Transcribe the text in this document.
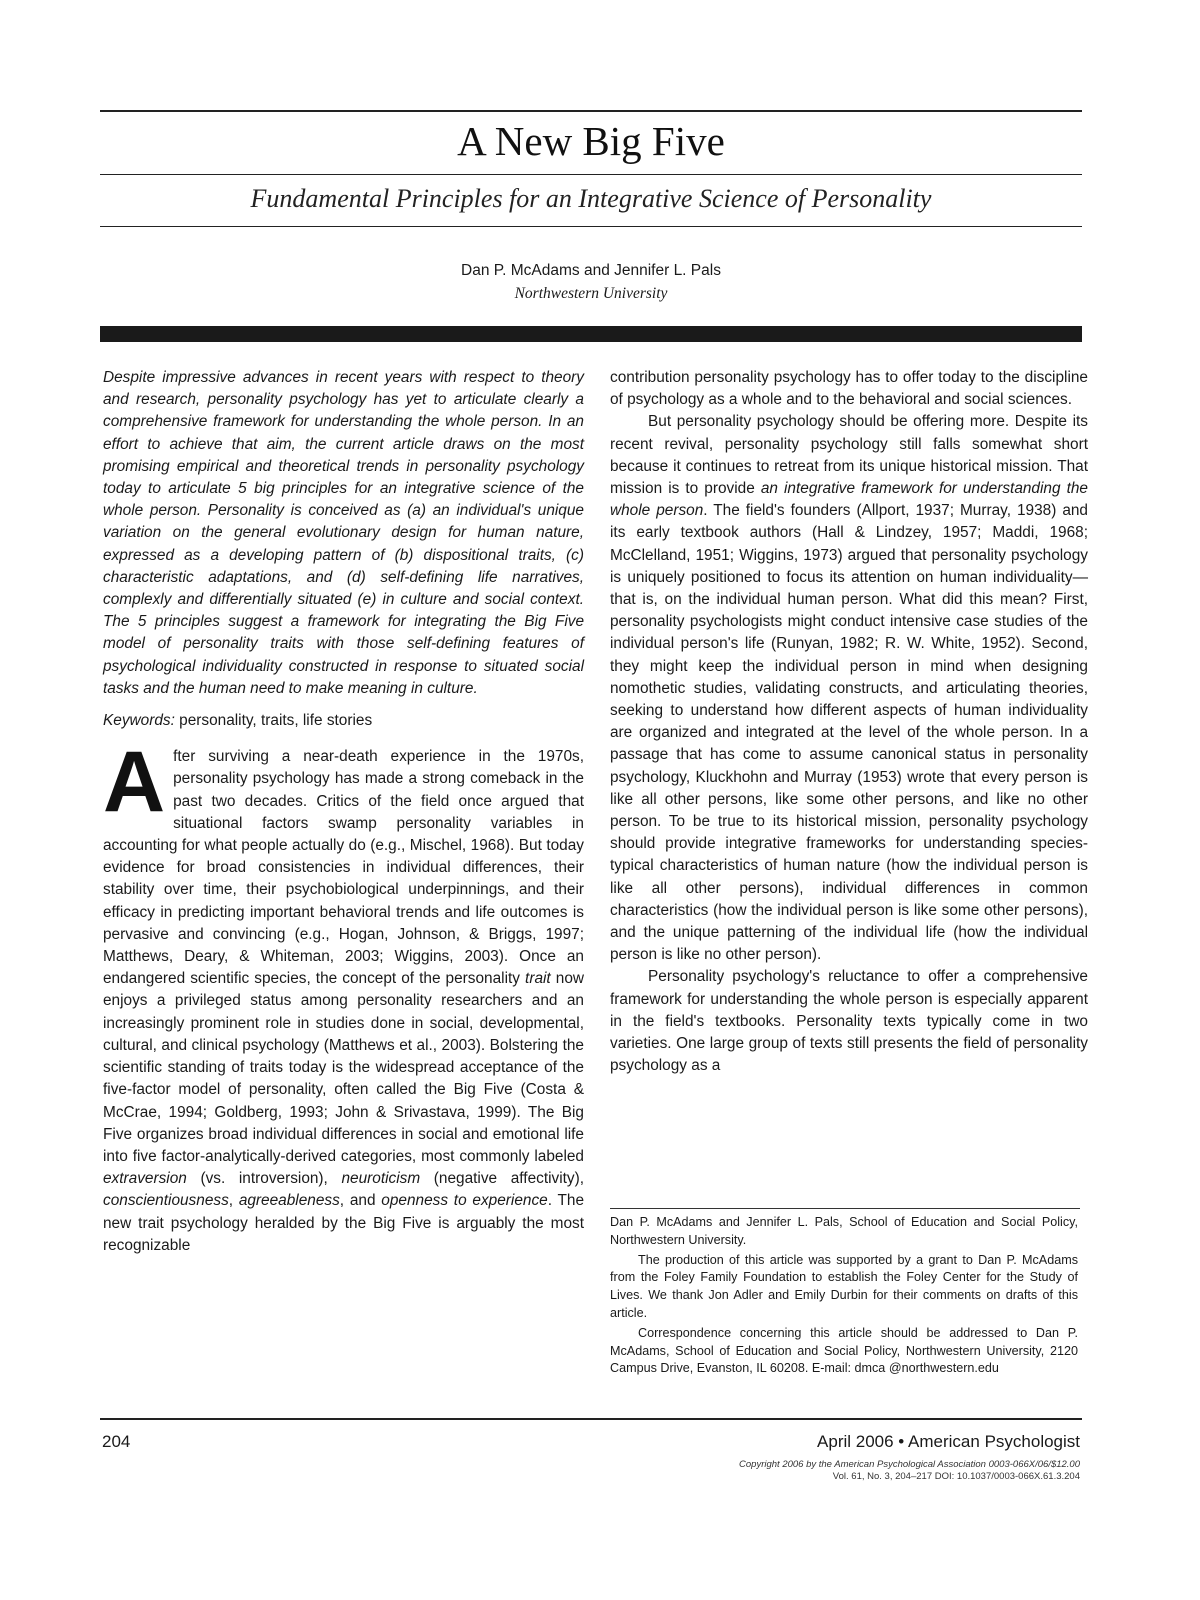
A New Big Five
Fundamental Principles for an Integrative Science of Personality
Dan P. McAdams and Jennifer L. Pals
Northwestern University

Despite impressive advances in recent years with respect to theory and research, personality psychology has yet to articulate clearly a comprehensive framework for understanding the whole person. In an effort to achieve that aim, the current article draws on the most promising empirical and theoretical trends in personality psychology today to articulate 5 big principles for an integrative science of the whole person. Personality is conceived as (a) an individual's unique variation on the general evolutionary design for human nature, expressed as a developing pattern of (b) dispositional traits, (c) characteristic adaptations, and (d) self-defining life narratives, complexly and differentially situated (e) in culture and social context. The 5 principles suggest a framework for integrating the Big Five model of personality traits with those self-defining features of psychological individuality constructed in response to situated social tasks and the human need to make meaning in culture.

Keywords: personality, traits, life stories

After surviving a near-death experience in the 1970s, personality psychology has made a strong comeback in the past two decades. Critics of the field once argued that situational factors swamp personality variables in accounting for what people actually do (e.g., Mischel, 1968). But today evidence for broad consistencies in individual differences, their stability over time, their psychobiological underpinnings, and their efficacy in predicting important behavioral trends and life outcomes is pervasive and convincing (e.g., Hogan, Johnson, & Briggs, 1997; Matthews, Deary, & Whiteman, 2003; Wiggins, 2003). Once an endangered scientific species, the concept of the personality trait now enjoys a privileged status among personality researchers and an increasingly prominent role in studies done in social, developmental, cultural, and clinical psychology (Matthews et al., 2003). Bolstering the scientific standing of traits today is the widespread acceptance of the five-factor model of personality, often called the Big Five (Costa & McCrae, 1994; Goldberg, 1993; John & Srivastava, 1999). The Big Five organizes broad individual differences in social and emotional life into five factor-analytically-derived categories, most commonly labeled extraversion (vs. introversion), neuroticism (negative affectivity), conscientiousness, agreeableness, and openness to experience. The new trait psychology heralded by the Big Five is arguably the most recognizable

contribution personality psychology has to offer today to the discipline of psychology as a whole and to the behavioral and social sciences.

But personality psychology should be offering more. Despite its recent revival, personality psychology still falls somewhat short because it continues to retreat from its unique historical mission. That mission is to provide an integrative framework for understanding the whole person. The field's founders (Allport, 1937; Murray, 1938) and its early textbook authors (Hall & Lindzey, 1957; Maddi, 1968; McClelland, 1951; Wiggins, 1973) argued that personality psychology is uniquely positioned to focus its attention on human individuality—that is, on the individual human person. What did this mean? First, personality psychologists might conduct intensive case studies of the individual person's life (Runyan, 1982; R. W. White, 1952). Second, they might keep the individual person in mind when designing nomothetic studies, validating constructs, and articulating theories, seeking to understand how different aspects of human individuality are organized and integrated at the level of the whole person. In a passage that has come to assume canonical status in personality psychology, Kluckhohn and Murray (1953) wrote that every person is like all other persons, like some other persons, and like no other person. To be true to its historical mission, personality psychology should provide integrative frameworks for understanding species-typical characteristics of human nature (how the individual person is like all other persons), individual differences in common characteristics (how the individual person is like some other persons), and the unique patterning of the individual life (how the individual person is like no other person).

Personality psychology's reluctance to offer a comprehensive framework for understanding the whole person is especially apparent in the field's textbooks. Personality texts typically come in two varieties. One large group of texts still presents the field of personality psychology as a

Dan P. McAdams and Jennifer L. Pals, School of Education and Social Policy, Northwestern University.

The production of this article was supported by a grant to Dan P. McAdams from the Foley Family Foundation to establish the Foley Center for the Study of Lives. We thank Jon Adler and Emily Durbin for their comments on drafts of this article.

Correspondence concerning this article should be addressed to Dan P. McAdams, School of Education and Social Policy, Northwestern University, 2120 Campus Drive, Evanston, IL 60208. E-mail: dmca @northwestern.edu

204	April 2006 • American Psychologist
Copyright 2006 by the American Psychological Association 0003-066X/06/$12.00
Vol. 61, No. 3, 204–217 DOI: 10.1037/0003-066X.61.3.204
